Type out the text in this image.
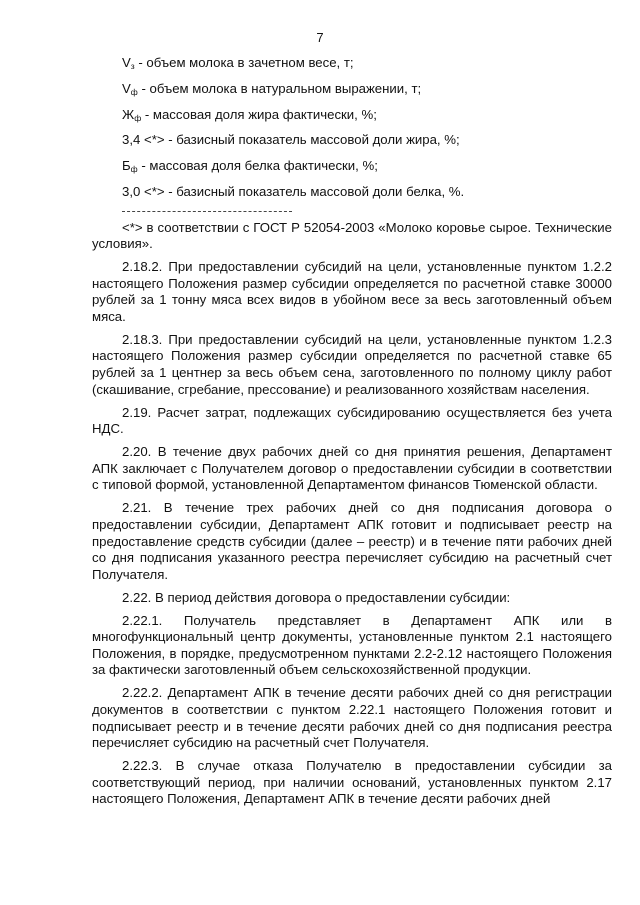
7
$V_з$ - объем молока в зачетном весе, т;
$V_ф$ - объем молока в натуральном выражении, т;
$Ж_ф$ - массовая доля жира фактически, %;
3,4 <*> - базисный показатель массовой доли жира, %;
$Б_ф$ - массовая доля белка фактически, %;
3,0 <*> - базисный показатель массовой доли белка, %.

<*> в соответствии с ГОСТ Р 52054-2003 «Молоко коровье сырое. Технические условия».

2.18.2. При предоставлении субсидий на цели, установленные пунктом 1.2.2 настоящего Положения размер субсидии определяется по расчетной ставке 30000 рублей за 1 тонну мяса всех видов в убойном весе за весь заготовленный объем мяса.

2.18.3. При предоставлении субсидий на цели, установленные пунктом 1.2.3 настоящего Положения размер субсидии определяется по расчетной ставке 65 рублей за 1 центнер за весь объем сена, заготовленного по полному циклу работ (скашивание, сгребание, прессование) и реализованного хозяйствам населения.

2.19. Расчет затрат, подлежащих субсидированию осуществляется без учета НДС.

2.20. В течение двух рабочих дней со дня принятия решения, Департамент АПК заключает с Получателем договор о предоставлении субсидии в соответствии с типовой формой, установленной Департаментом финансов Тюменской области.

2.21. В течение трех рабочих дней со дня подписания договора о предоставлении субсидии, Департамент АПК готовит и подписывает реестр на предоставление средств субсидии (далее – реестр) и в течение пяти рабочих дней со дня подписания указанного реестра перечисляет субсидию на расчетный счет Получателя.

2.22. В период действия договора о предоставлении субсидии:

2.22.1. Получатель представляет в Департамент АПК или в многофункциональный центр документы, установленные пунктом 2.1 настоящего Положения, в порядке, предусмотренном пунктами 2.2-2.12 настоящего Положения за фактически заготовленный объем сельскохозяйственной продукции.

2.22.2. Департамент АПК в течение десяти рабочих дней со дня регистрации документов в соответствии с пунктом 2.22.1 настоящего Положения готовит и подписывает реестр и в течение десяти рабочих дней со дня подписания реестра перечисляет субсидию на расчетный счет Получателя.

2.22.3. В случае отказа Получателю в предоставлении субсидии за соответствующий период, при наличии оснований, установленных пунктом 2.17 настоящего Положения, Департамент АПК в течение десяти рабочих дней
